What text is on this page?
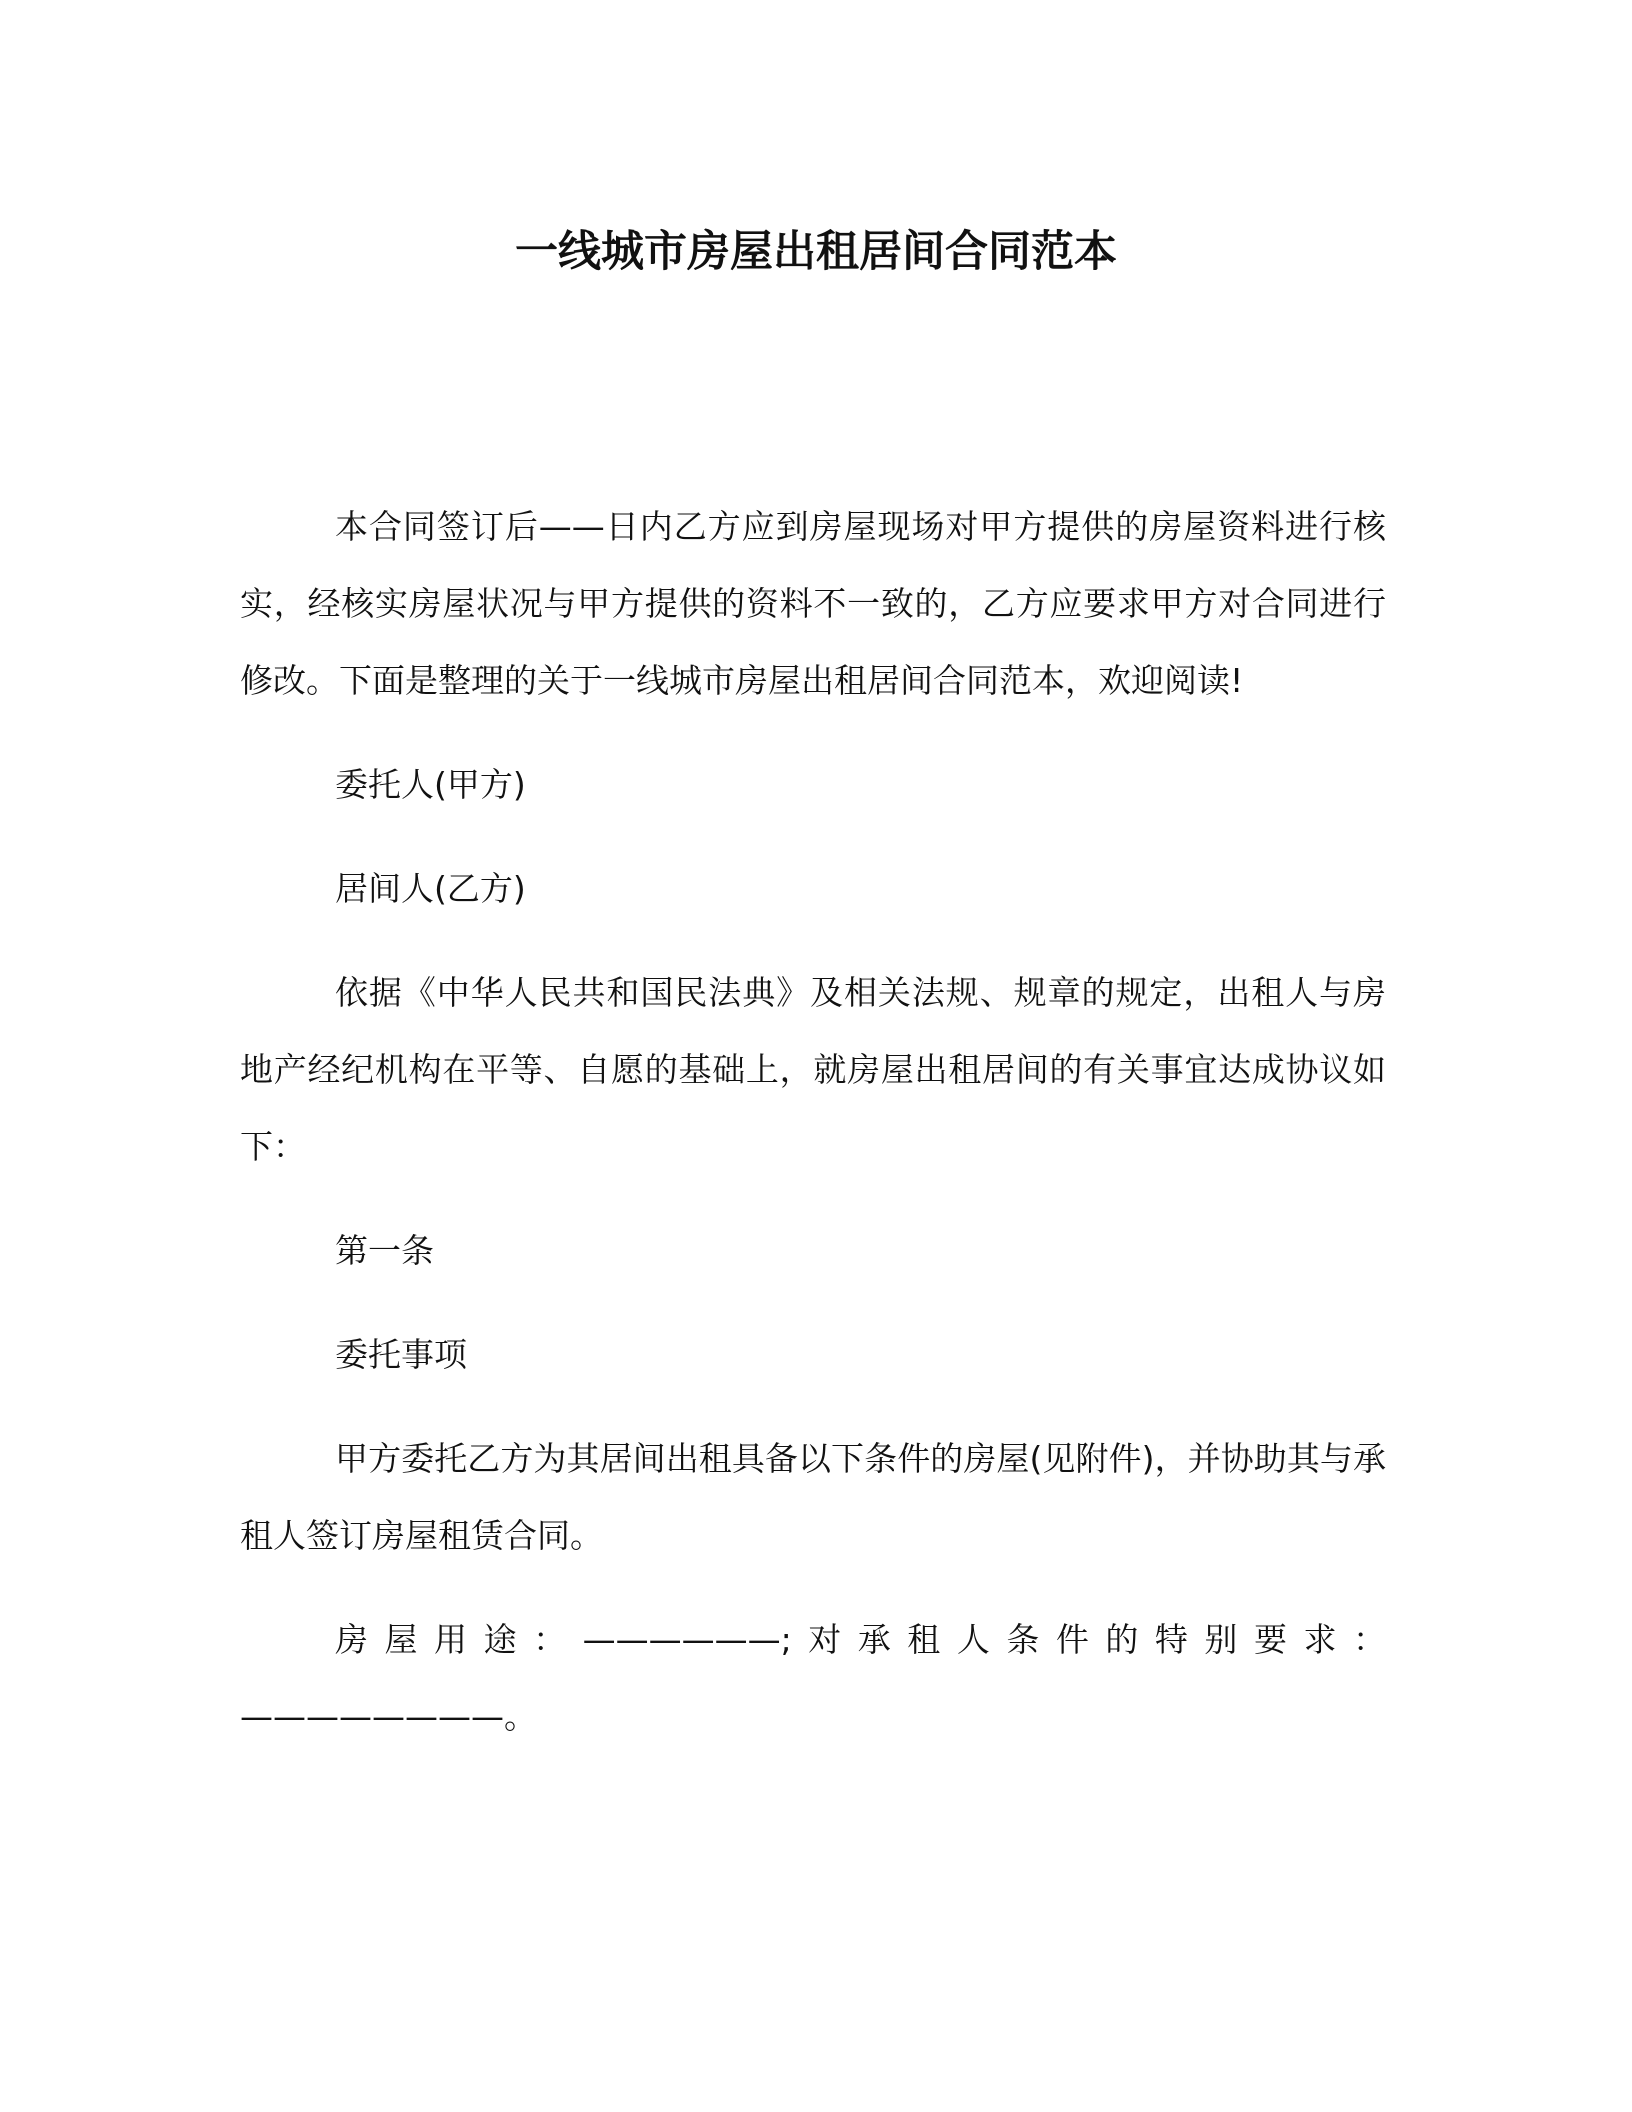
一线城市房屋出租居间合同范本

本合同签订后——日内乙方应到房屋现场对甲方提供的房屋资料进行核实，经核实房屋状况与甲方提供的资料不一致的，乙方应要求甲方对合同进行修改。下面是整理的关于一线城市房屋出租居间合同范本，欢迎阅读!

委托人(甲方)

居间人(乙方)

依据《中华人民共和国民法典》及相关法规、规章的规定，出租人与房地产经纪机构在平等、自愿的基础上，就房屋出租居间的有关事宜达成协议如下：

第一条

委托事项

甲方委托乙方为其居间出租具备以下条件的房屋(见附件)，并协助其与承租人签订房屋租赁合同。

房屋用途：——————;对承租人条件的特别要求：————————。
